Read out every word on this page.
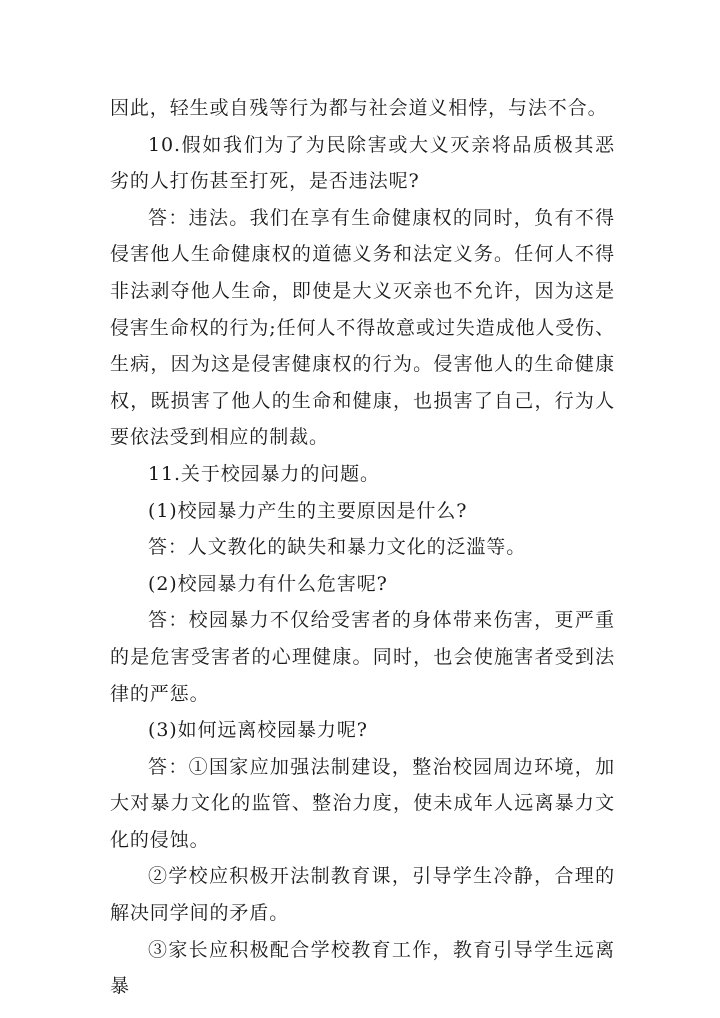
因此，轻生或自残等行为都与社会道义相悖，与法不合。

10.假如我们为了为民除害或大义灭亲将品质极其恶劣的人打伤甚至打死，是否违法呢?

答：违法。我们在享有生命健康权的同时，负有不得侵害他人生命健康权的道德义务和法定义务。任何人不得非法剥夺他人生命，即使是大义灭亲也不允许，因为这是侵害生命权的行为;任何人不得故意或过失造成他人受伤、生病，因为这是侵害健康权的行为。侵害他人的生命健康权，既损害了他人的生命和健康，也损害了自己，行为人要依法受到相应的制裁。

11.关于校园暴力的问题。

(1)校园暴力产生的主要原因是什么?

答：人文教化的缺失和暴力文化的泛滥等。

(2)校园暴力有什么危害呢?

答：校园暴力不仅给受害者的身体带来伤害，更严重的是危害受害者的心理健康。同时，也会使施害者受到法律的严惩。

(3)如何远离校园暴力呢?

答：①国家应加强法制建设，整治校园周边环境，加大对暴力文化的监管、整治力度，使未成年人远离暴力文化的侵蚀。

②学校应积极开法制教育课，引导学生冷静，合理的解决同学间的矛盾。

③家长应积极配合学校教育工作，教育引导学生远离暴
